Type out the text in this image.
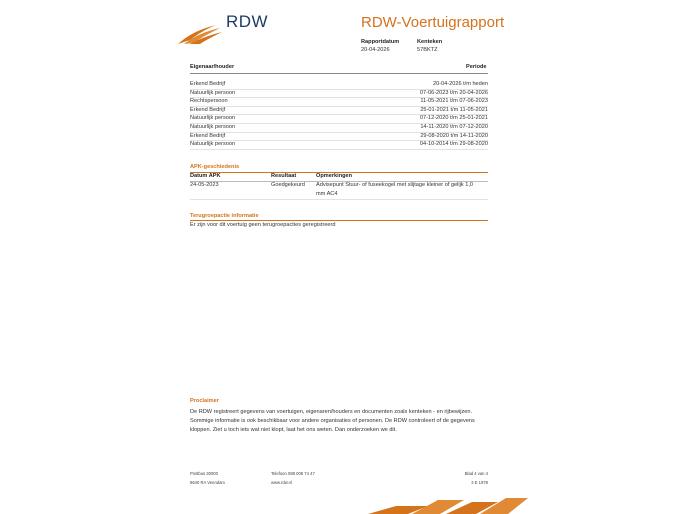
RDW	RDW-Voertuigrapport
Rapportdatum
20-04-2026
Kenteken
57BKTZ
Eigenaar/houder	Periode
Erkend Bedrijf	20-04-2026 t/m heden
Natuurlijk persoon	07-06-2023 t/m 20-04-2026
Rechtspersoon	11-05-2021 t/m 07-06-2023
Erkend Bedrijf	25-01-2021 t/m 11-05-2021
Natuurlijk persoon	07-12-2020 t/m 25-01-2021
Natuurlijk persoon	14-11-2020 t/m 07-12-2020
Erkend Bedrijf	29-08-2020 t/m 14-11-2020
Natuurlijk persoon	04-10-2014 t/m 29-08-2020
APK-geschiedenis
Datum APK	Resultaat	Opmerkingen
24-05-2023	Goedgekeurd Advisepunt Stuur- of fuseekogel met slijtage kleiner of gelijk 1,0
mm AC4
Terugroepactie informatie
Er zijn voor dit voertuig geen terugroepacties geregistreerd
Proclaimer
De RDW registreert gegevens van voertuigen, eigenaren/houders en documenten zoals kenteken - en rijbewijzen. Sommige informatie is ook beschikbaar voor andere organisaties of personen. De RDW controleert of de gegevens kloppen. Ziet u toch iets wat niet klopt, laat het ons weten. Dan onderzoeken we dit.
Postbus 30000
9640 RA Veendam
Telefoon 088 008 74 47
www.rdw.nl
Blad 4 van 4
3 E 1978
